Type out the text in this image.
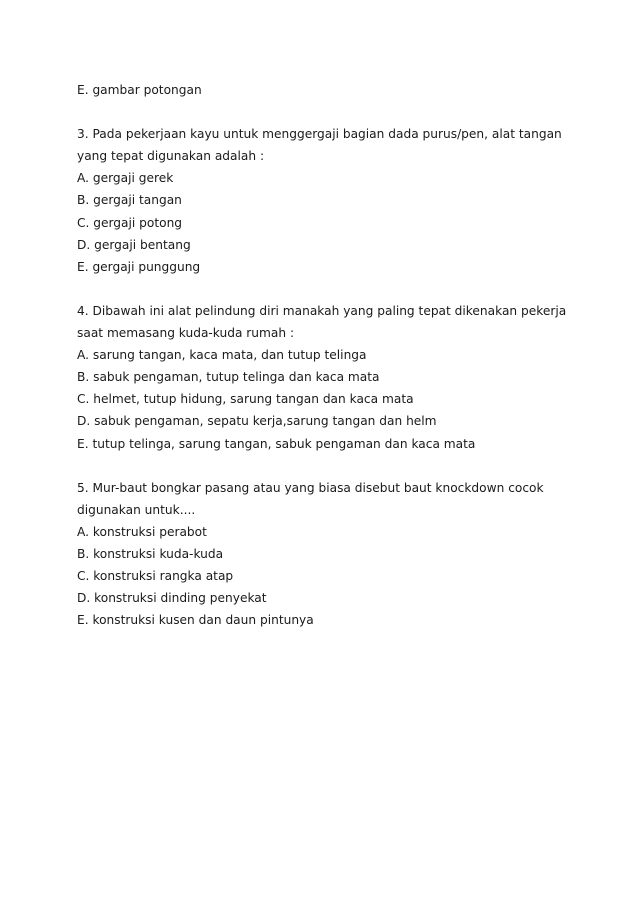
E. gambar potongan
3. Pada pekerjaan kayu untuk menggergaji bagian dada purus/pen, alat tangan
yang tepat digunakan adalah :
A. gergaji gerek
B. gergaji tangan
C. gergaji potong
D. gergaji bentang
E. gergaji punggung
4. Dibawah ini alat pelindung diri manakah yang paling tepat dikenakan pekerja
saat memasang kuda-kuda rumah :
A. sarung tangan, kaca mata, dan tutup telinga
B. sabuk pengaman, tutup telinga dan kaca mata
C. helmet, tutup hidung, sarung tangan dan kaca mata
D. sabuk pengaman, sepatu kerja,sarung tangan dan helm
E. tutup telinga, sarung tangan, sabuk pengaman dan kaca mata
5. Mur-baut bongkar pasang atau yang biasa disebut baut knockdown cocok
digunakan untuk....
A. konstruksi perabot
B. konstruksi kuda-kuda
C. konstruksi rangka atap
D. konstruksi dinding penyekat
E. konstruksi kusen dan daun pintunya
